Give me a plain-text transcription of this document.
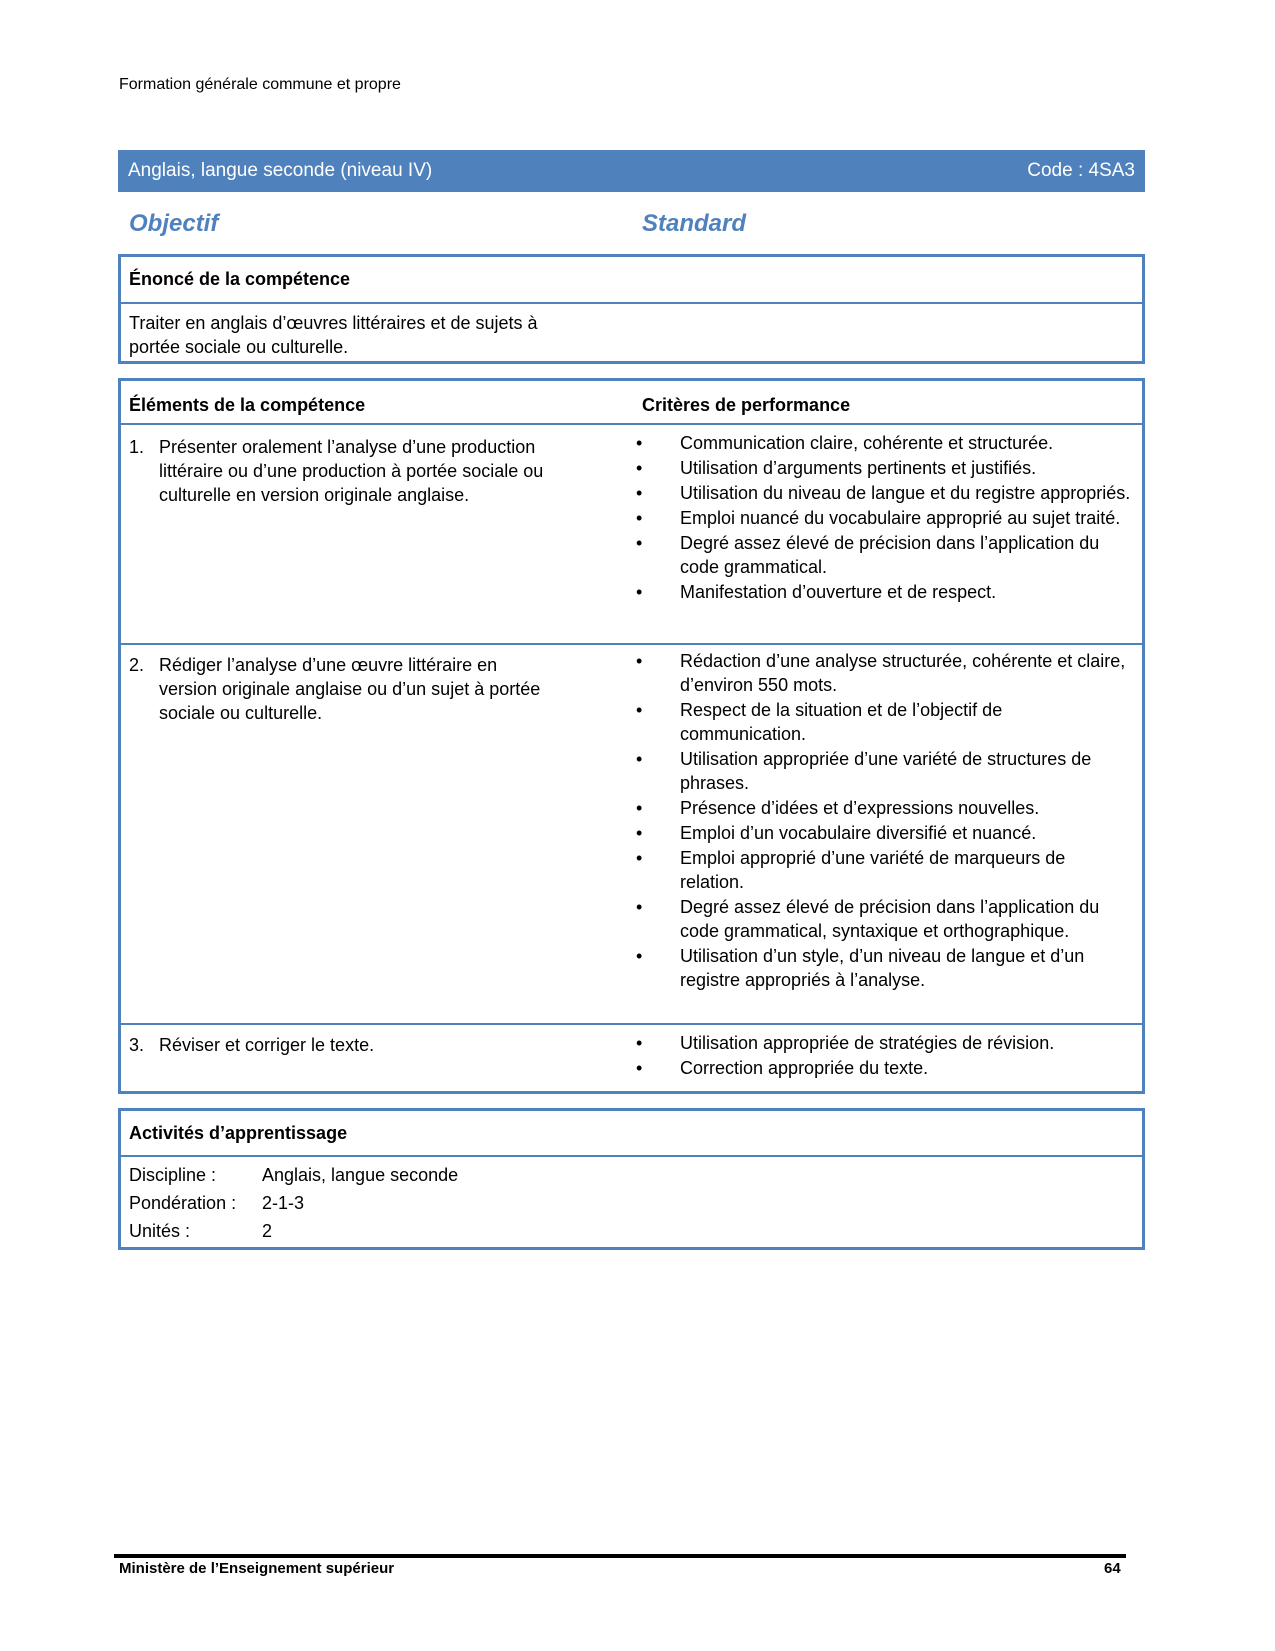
Formation générale commune et propre
Anglais, langue seconde (niveau IV)	Code : 4SA3
Objectif	Standard
Énoncé de la compétence
Traiter en anglais d’œuvres littéraires et de sujets à portée sociale ou culturelle.
Éléments de la compétence	Critères de performance
1. Présenter oralement l’analyse d’une production littéraire ou d’une production à portée sociale ou culturelle en version originale anglaise.
• Communication claire, cohérente et structurée.
• Utilisation d’arguments pertinents et justifiés.
• Utilisation du niveau de langue et du registre appropriés.
• Emploi nuancé du vocabulaire approprié au sujet traité.
• Degré assez élevé de précision dans l’application du code grammatical.
• Manifestation d’ouverture et de respect.
2. Rédiger l’analyse d’une œuvre littéraire en version originale anglaise ou d’un sujet à portée sociale ou culturelle.
• Rédaction d’une analyse structurée, cohérente et claire, d’environ 550 mots.
• Respect de la situation et de l’objectif de communication.
• Utilisation appropriée d’une variété de structures de phrases.
• Présence d’idées et d’expressions nouvelles.
• Emploi d’un vocabulaire diversifié et nuancé.
• Emploi approprié d’une variété de marqueurs de relation.
• Degré assez élevé de précision dans l’application du code grammatical, syntaxique et orthographique.
• Utilisation d’un style, d’un niveau de langue et d’un registre appropriés à l’analyse.
3. Réviser et corriger le texte.	• Utilisation appropriée de stratégies de révision.
• Correction appropriée du texte.
Activités d’apprentissage
Discipline :	Anglais, langue seconde
Pondération : 2-1-3
Unités :	2
Ministère de l’Enseignement supérieur	64
